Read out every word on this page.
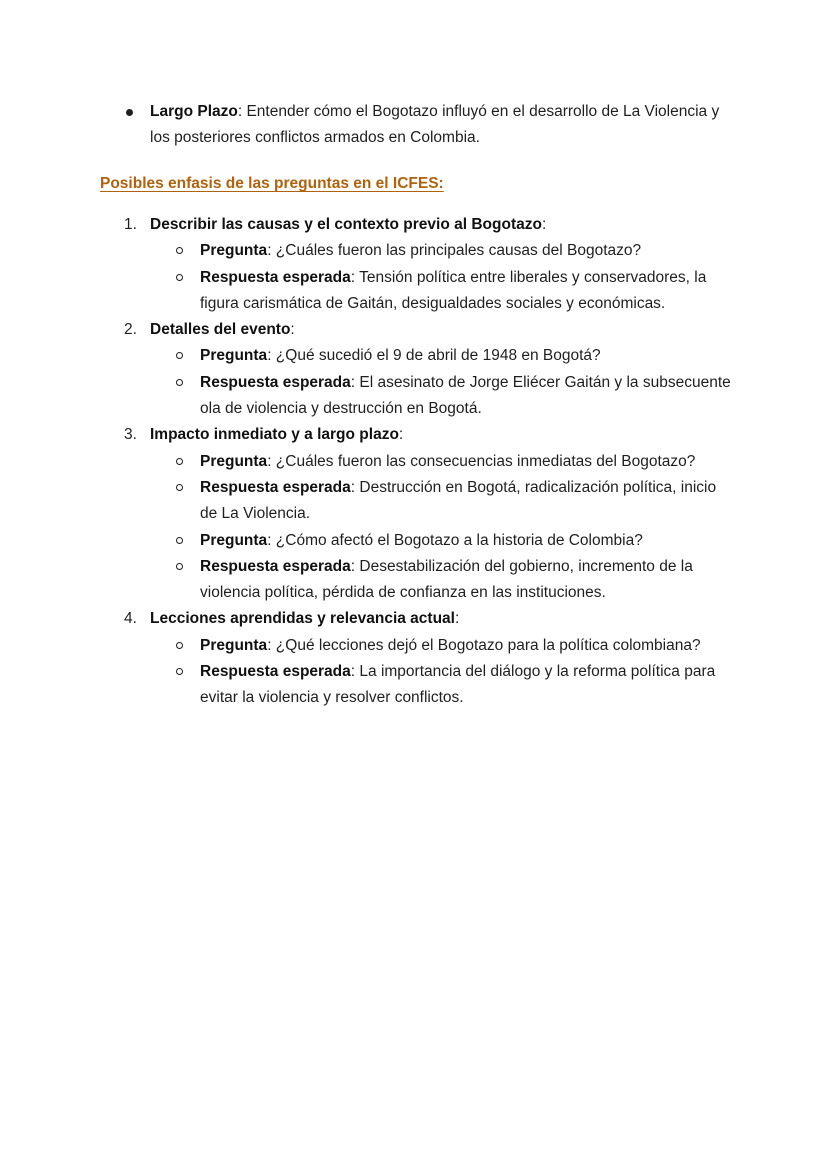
Largo Plazo: Entender cómo el Bogotazo influyó en el desarrollo de La Violencia y los posteriores conflictos armados en Colombia.
Posibles enfasis de las preguntas en el ICFES:
1. Describir las causas y el contexto previo al Bogotazo:
Pregunta: ¿Cuáles fueron las principales causas del Bogotazo?
Respuesta esperada: Tensión política entre liberales y conservadores, la figura carismática de Gaitán, desigualdades sociales y económicas.
2. Detalles del evento:
Pregunta: ¿Qué sucedió el 9 de abril de 1948 en Bogotá?
Respuesta esperada: El asesinato de Jorge Eliécer Gaitán y la subsecuente ola de violencia y destrucción en Bogotá.
3. Impacto inmediato y a largo plazo:
Pregunta: ¿Cuáles fueron las consecuencias inmediatas del Bogotazo?
Respuesta esperada: Destrucción en Bogotá, radicalización política, inicio de La Violencia.
Pregunta: ¿Cómo afectó el Bogotazo a la historia de Colombia?
Respuesta esperada: Desestabilización del gobierno, incremento de la violencia política, pérdida de confianza en las instituciones.
4. Lecciones aprendidas y relevancia actual:
Pregunta: ¿Qué lecciones dejó el Bogotazo para la política colombiana?
Respuesta esperada: La importancia del diálogo y la reforma política para evitar la violencia y resolver conflictos.
